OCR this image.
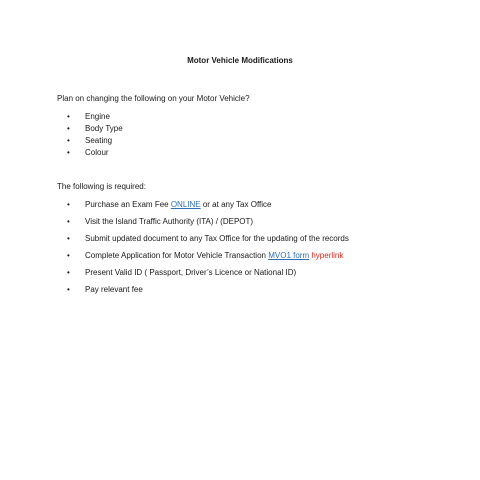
Motor Vehicle Modifications
Plan on changing the following on your Motor Vehicle?
• Engine
• Body Type
• Seating
• Colour
The following is required:
• Purchase an Exam Fee ONLINE or at any Tax Office
• Visit the Island Traffic Authority (ITA) / (DEPOT)
• Submit updated document to any Tax Office for the updating of the records
• Complete Application for Motor Vehicle Transaction MVO1 form hyperlink
• Present Valid ID ( Passport, Driver’s Licence or National ID)
• Pay relevant fee
